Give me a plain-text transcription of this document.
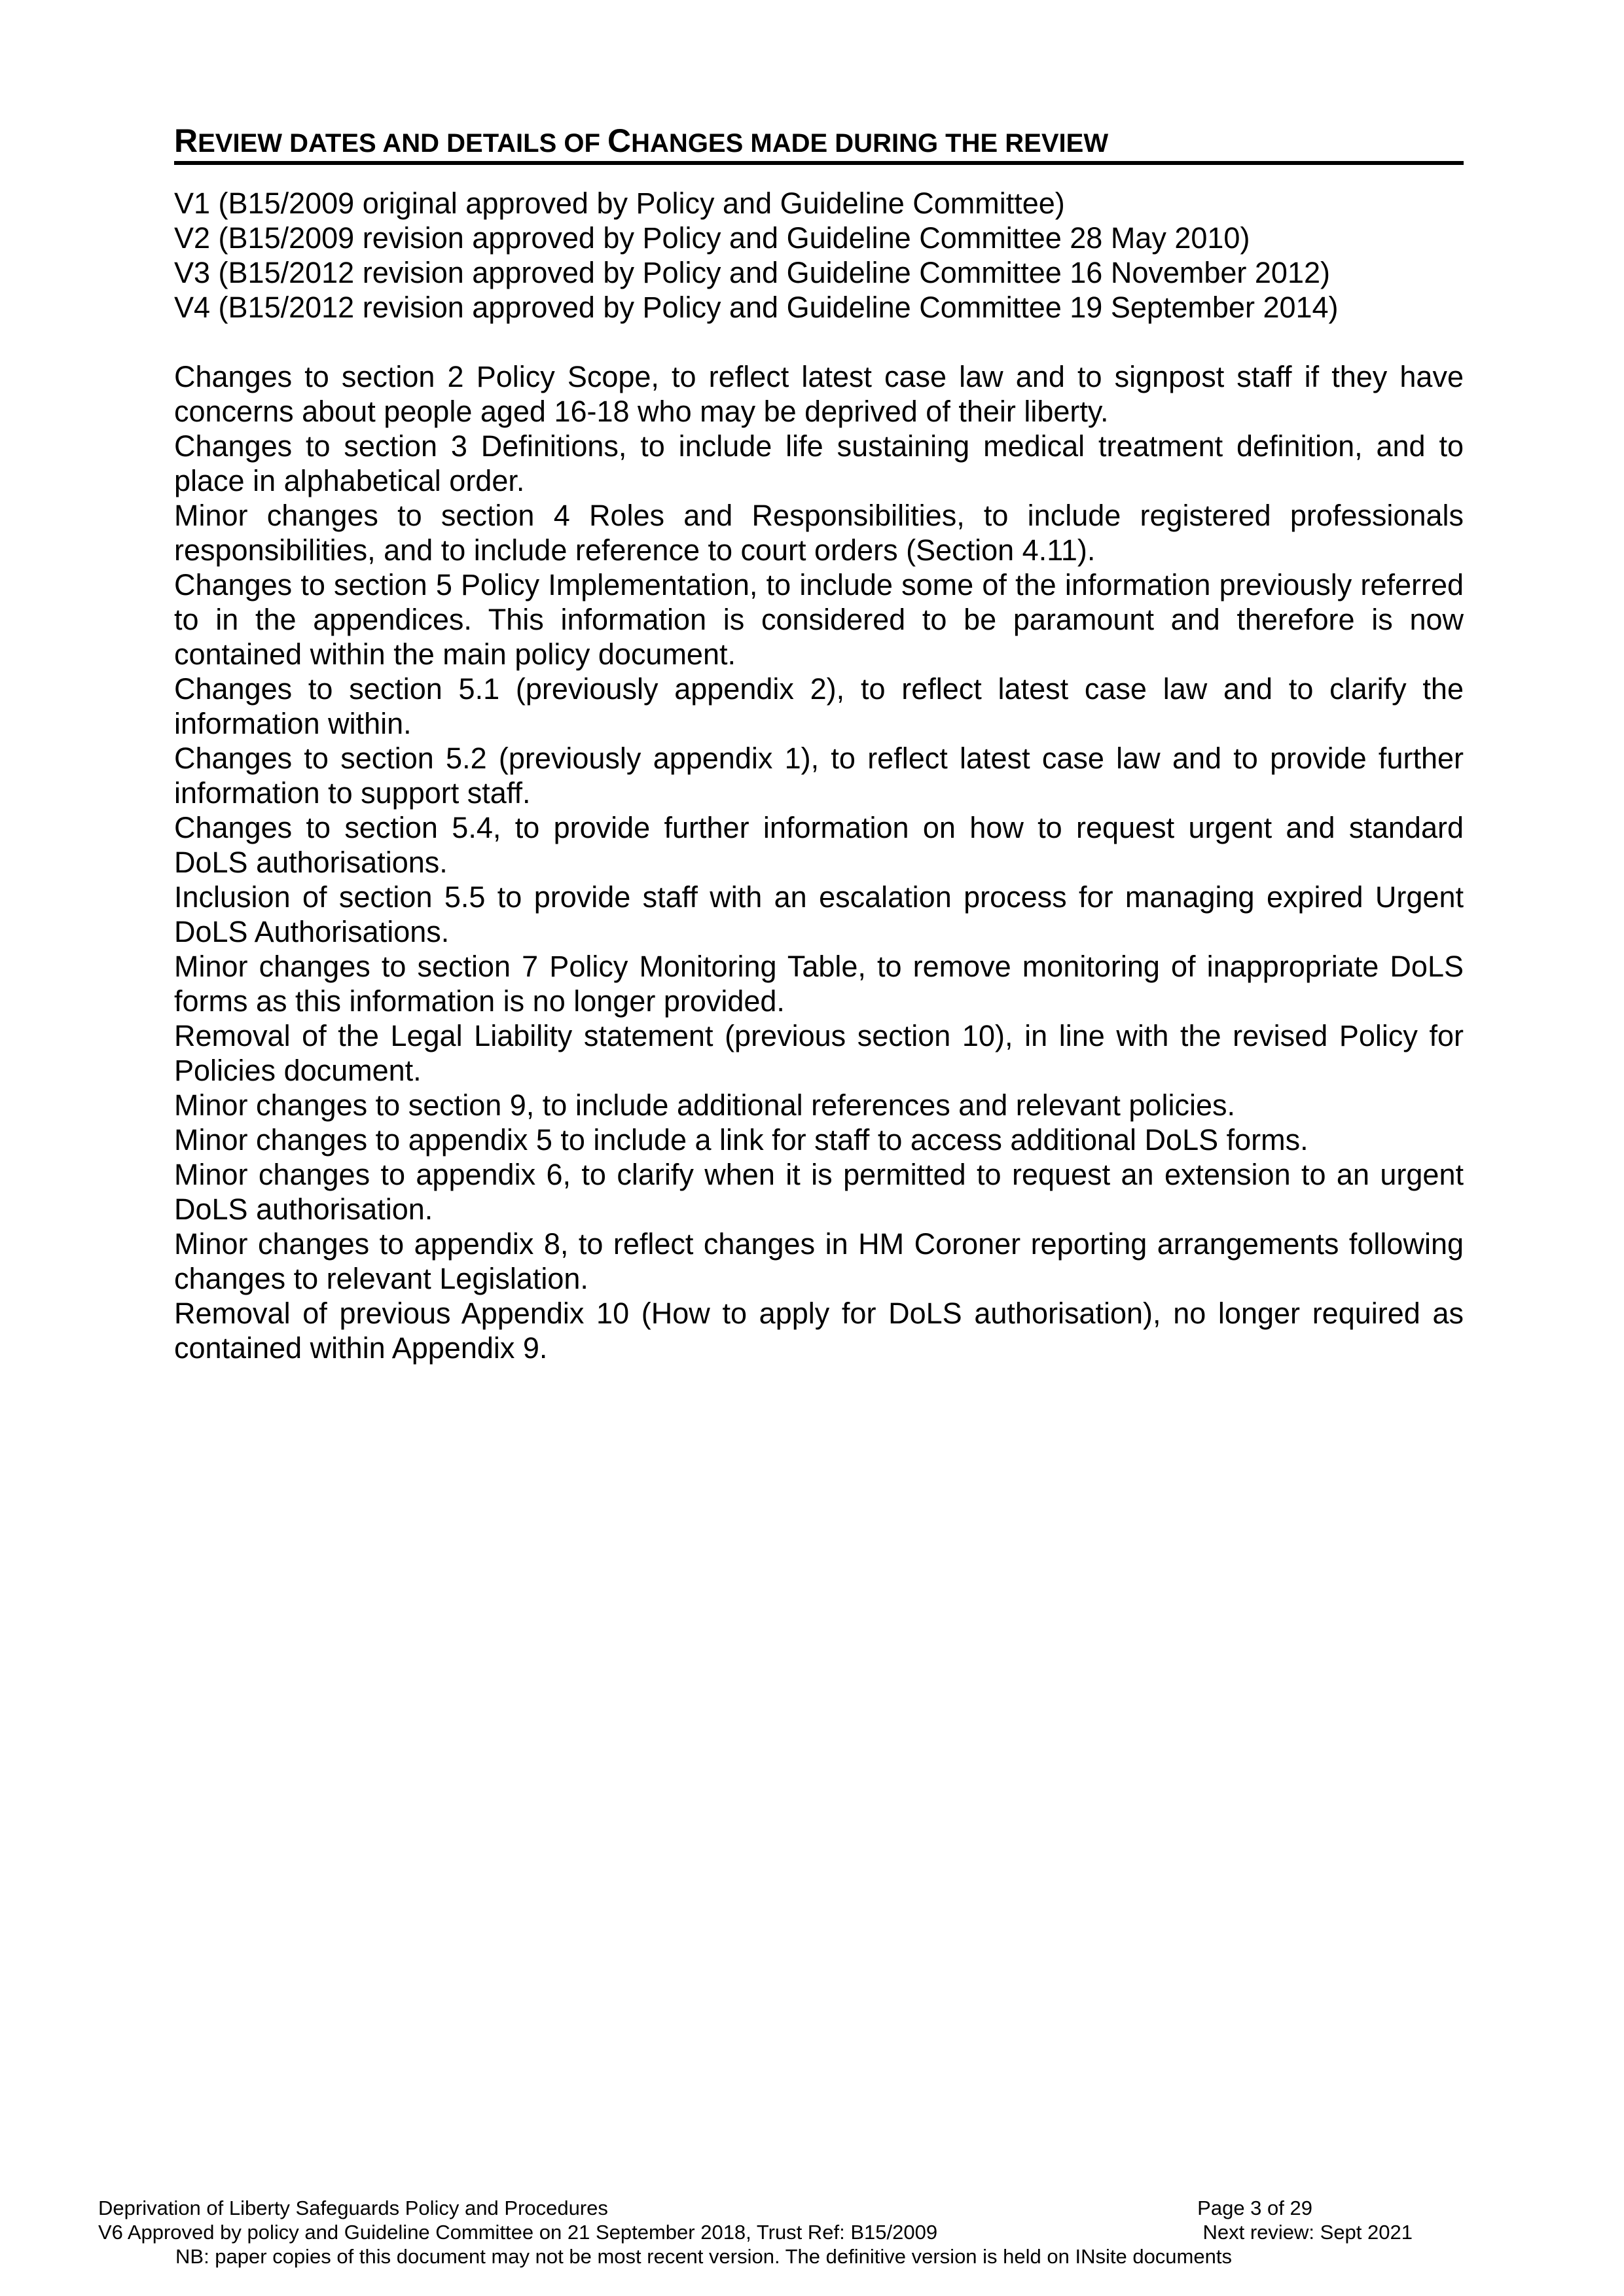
REVIEW DATES AND DETAILS OF CHANGES MADE DURING THE REVIEW

V1 (B15/2009 original approved by Policy and Guideline Committee)

V2 (B15/2009 revision approved by Policy and Guideline Committee 28 May 2010)

V3 (B15/2012 revision approved by Policy and Guideline Committee 16 November 2012)

V4 (B15/2012 revision approved by Policy and Guideline Committee 19 September 2014)

Changes to section 2 Policy Scope, to reflect latest case law and to signpost staff if they have concerns about people aged 16-18 who may be deprived of their liberty.

Changes to section 3 Definitions, to include life sustaining medical treatment definition, and to place in alphabetical order.

Minor changes to section 4 Roles and Responsibilities, to include registered professionals responsibilities, and to include reference to court orders (Section 4.11).

Changes to section 5 Policy Implementation, to include some of the information previously referred to in the appendices. This information is considered to be paramount and therefore is now contained within the main policy document.

Changes to section 5.1 (previously appendix 2), to reflect latest case law and to clarify the information within.

Changes to section 5.2 (previously appendix 1), to reflect latest case law and to provide further information to support staff.

Changes to section 5.4, to provide further information on how to request urgent and standard DoLS authorisations.

Inclusion of section 5.5 to provide staff with an escalation process for managing expired Urgent DoLS Authorisations.

Minor changes to section 7 Policy Monitoring Table, to remove monitoring of inappropriate DoLS forms as this information is no longer provided.

Removal of the Legal Liability statement (previous section 10), in line with the revised Policy for Policies document.

Minor changes to section 9, to include additional references and relevant policies.

Minor changes to appendix 5 to include a link for staff to access additional DoLS forms.

Minor changes to appendix 6, to clarify when it is permitted to request an extension to an urgent DoLS authorisation.

Minor changes to appendix 8, to reflect changes in HM Coroner reporting arrangements following changes to relevant Legislation.

Removal of previous Appendix 10 (How to apply for DoLS authorisation), no longer required as contained within Appendix 9.

Deprivation of Liberty Safeguards Policy and Procedures	Page 3 of 29
V6 Approved by policy and Guideline Committee on 21 September 2018, Trust Ref: B15/2009	Next review: Sept 2021
NB: paper copies of this document may not be most recent version. The definitive version is held on INsite documents
